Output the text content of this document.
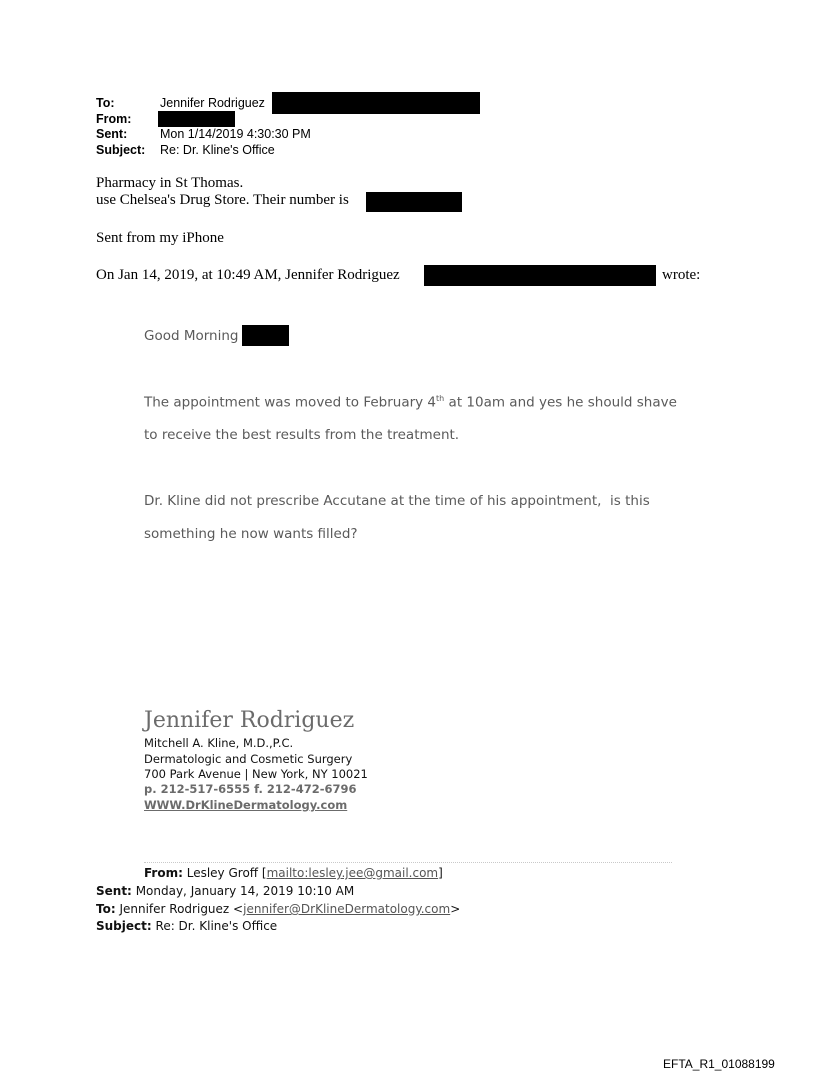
To:	Jennifer Rodriguez
From:
Sent:	Mon 1/14/2019 4:30:30 PM
Subject: Re: Dr. Kline's Office
Pharmacy in St Thomas.
use Chelsea's Drug Store. Their number is
Sent from my iPhone
On Jan 14, 2019, at 10:49 AM, Jennifer Rodriguez	wrote:
Good Morning
The appointment was moved to February 4th at 10am and yes he should shave
to receive the best results from the treatment.
Dr. Kline did not prescribe Accutane at the time of his appointment,  is this
something he now wants filled?
Jennifer Rodriguez
Mitchell A. Kline, M.D.,P.C.
Dermatologic and Cosmetic Surgery
700 Park Avenue | New York, NY 10021
p. 212-517-6555 f. 212-472-6796
WWW.DrKlineDermatology.com
From: Lesley Groff [mailto:lesley.jee@gmail.com]
Sent: Monday, January 14, 2019 10:10 AM
To: Jennifer Rodriguez <jennifer@DrKlineDermatology.com>
Subject: Re: Dr. Kline's Office
EFTA_R1_01088199
